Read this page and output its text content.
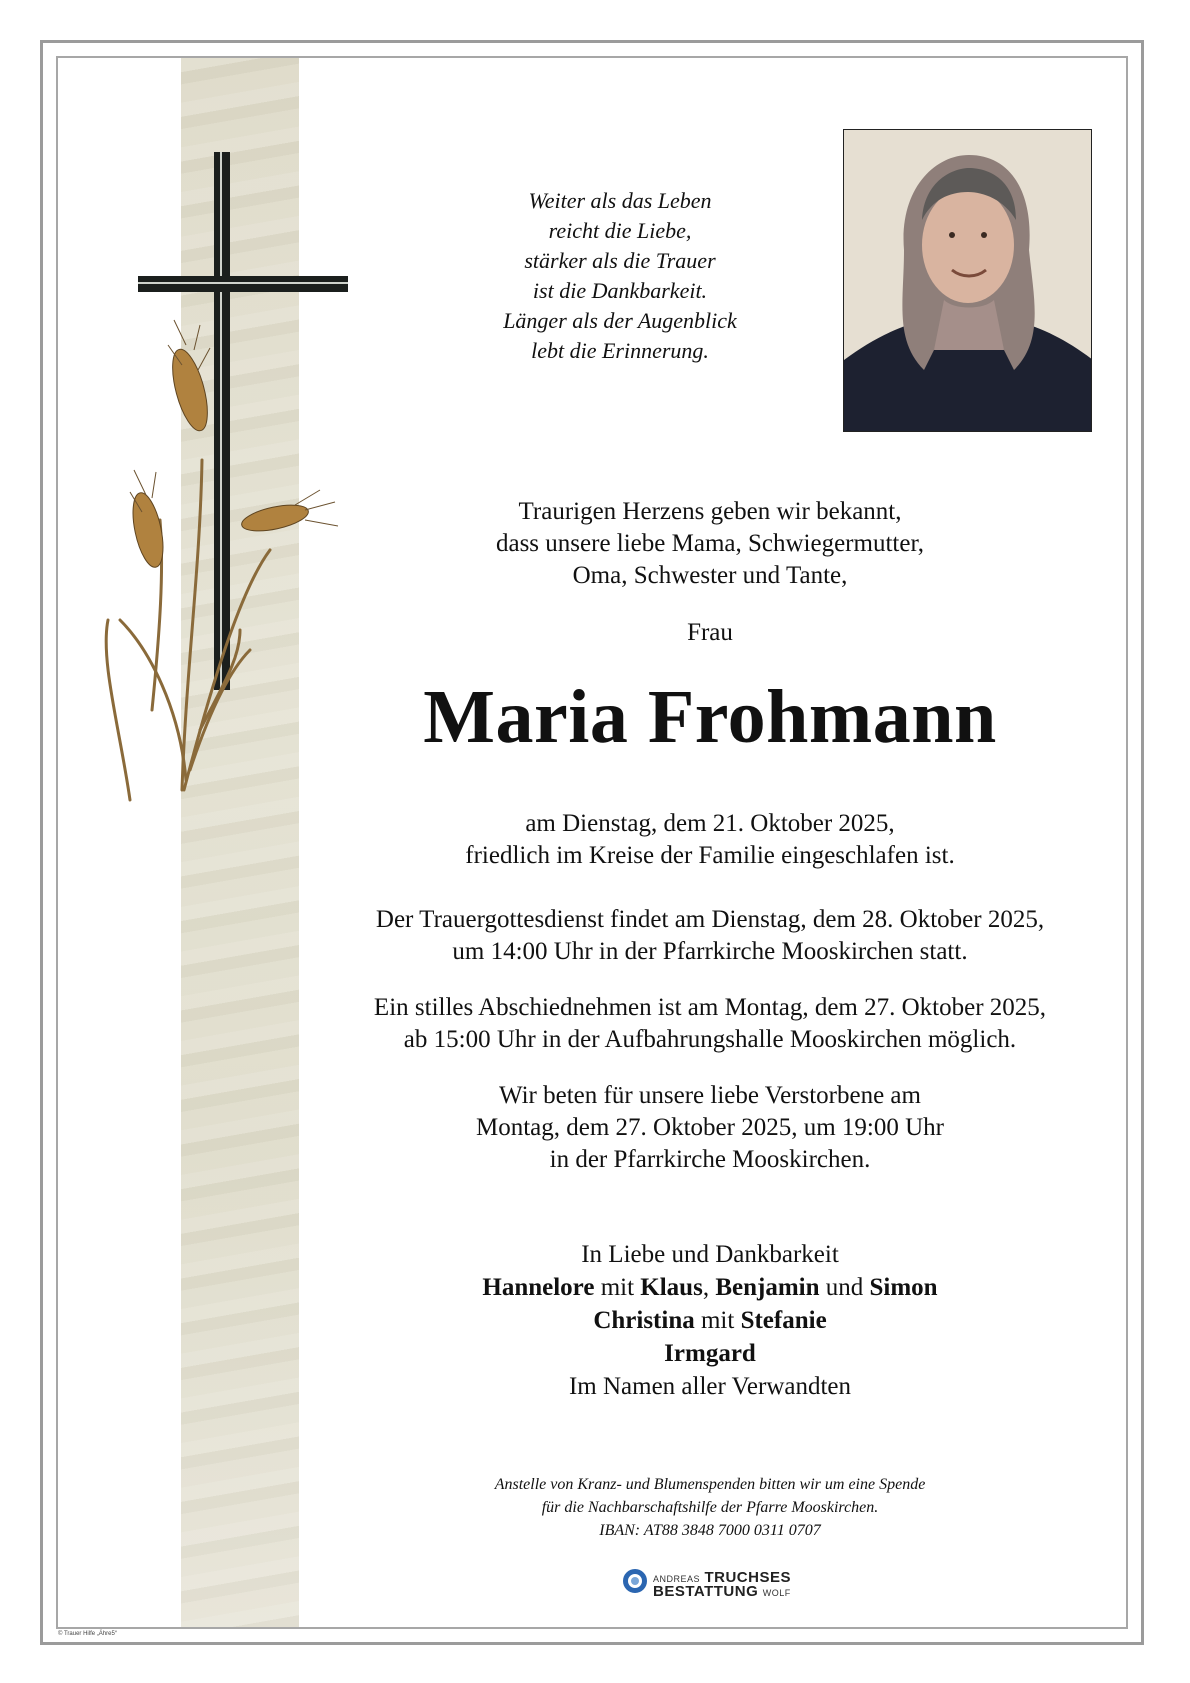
Weiter als das Leben
reicht die Liebe,
stärker als die Trauer
ist die Dankbarkeit.
Länger als der Augenblick
lebt die Erinnerung.
Traurigen Herzens geben wir bekannt,
dass unsere liebe Mama, Schwiegermutter,
Oma, Schwester und Tante,
Frau
Maria Frohmann
am Dienstag, dem 21. Oktober 2025,
friedlich im Kreise der Familie eingeschlafen ist.
Der Trauergottesdienst findet am Dienstag, dem 28. Oktober 2025,
um 14:00 Uhr in der Pfarrkirche Mooskirchen statt.
Ein stilles Abschiednehmen ist am Montag, dem 27. Oktober 2025,
ab 15:00 Uhr in der Aufbahrungshalle Mooskirchen möglich.
Wir beten für unsere liebe Verstorbene am
Montag, dem 27. Oktober 2025, um 19:00 Uhr
in der Pfarrkirche Mooskirchen.
In Liebe und Dankbarkeit
Hannelore mit Klaus, Benjamin und Simon
Christina mit Stefanie
Irmgard
Im Namen aller Verwandten
Anstelle von Kranz- und Blumenspenden bitten wir um eine Spende
für die Nachbarschaftshilfe der Pfarre Mooskirchen.
IBAN: AT88 3848 7000 0311 0707
ANDREAS TRUCHSES
BESTATTUNG WOLF
© Trauer Hilfe „Ähre5“
